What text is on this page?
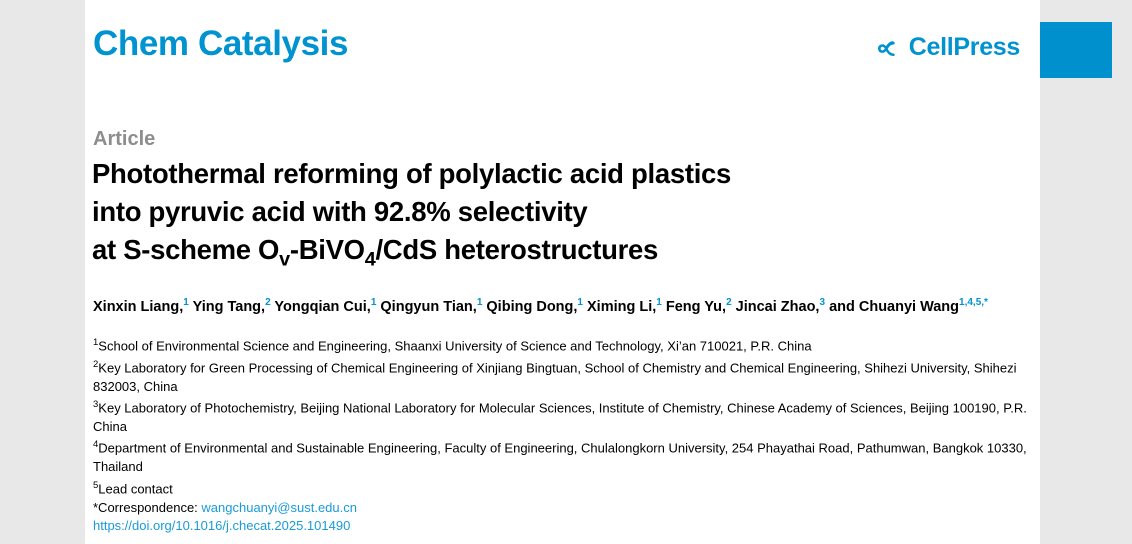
Chem Catalysis	CellPress
Article
Photothermal reforming of polylactic acid plastics
into pyruvic acid with 92.8% selectivity
at S-scheme $O_v-BiVO_4$/CdS heterostructures
Xinxin Liang,$^1$ Ying Tang,$^2$ Yongqian Cui,$^1$ Qingyun Tian,$^1$ Qibing Dong,$^1$ Ximing Li,$^1$ Feng Yu,$^2$ Jincai Zhao,$^3$ and Chuanyi Wang$^{1,4,5,*}$
$^1$School of Environmental Science and Engineering, Shaanxi University of Science and Technology, Xi’an 710021, P.R. China
$^2$Key Laboratory for Green Processing of Chemical Engineering of Xinjiang Bingtuan, School of Chemistry and Chemical Engineering, Shihezi University, Shihezi 832003, China
$^3$Key Laboratory of Photochemistry, Beijing National Laboratory for Molecular Sciences, Institute of Chemistry, Chinese Academy of Sciences, Beijing 100190, P.R. China
$^4$Department of Environmental and Sustainable Engineering, Faculty of Engineering, Chulalongkorn University, 254 Phayathai Road, Pathumwan, Bangkok 10330, Thailand
$^5$Lead contact
*Correspondence: wangchuanyi@sust.edu.cn
https://doi.org/10.1016/j.checat.2025.101490
